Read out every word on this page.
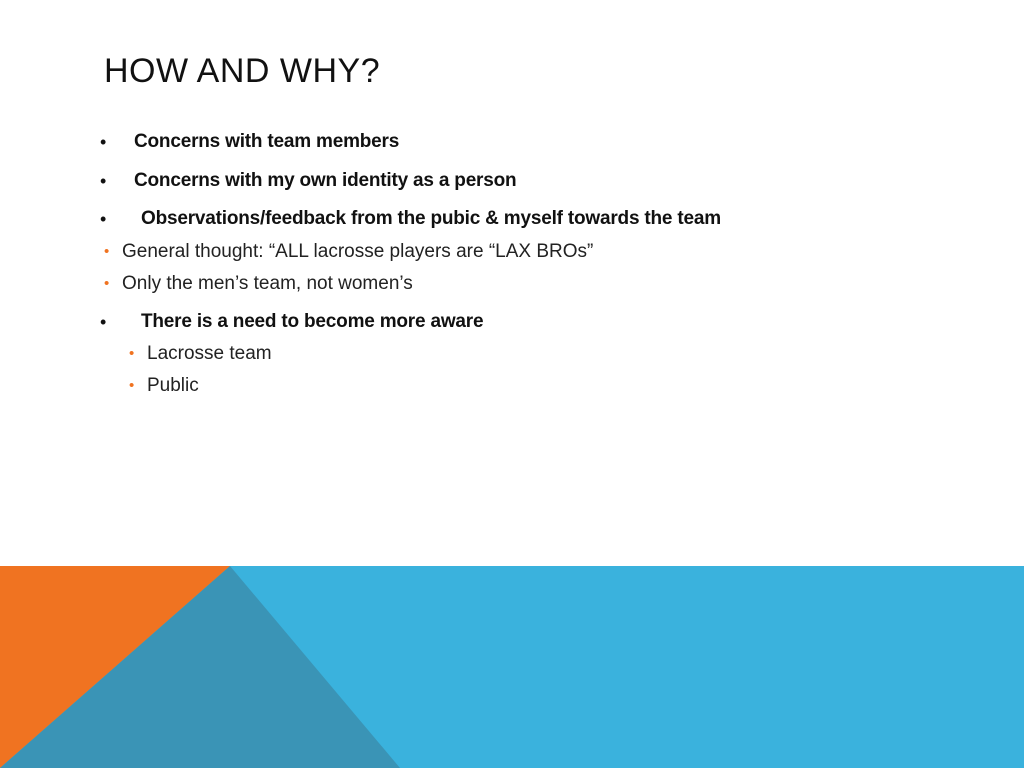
HOW AND WHY?
• Concerns with team members
• Concerns with my own identity as a person
• Observations/feedback from the pubic & myself towards the team
• General thought: “ALL lacrosse players are “LAX BROs”
• Only the men’s team, not women’s
• There is a need to become more aware
• Lacrosse team
• Public
